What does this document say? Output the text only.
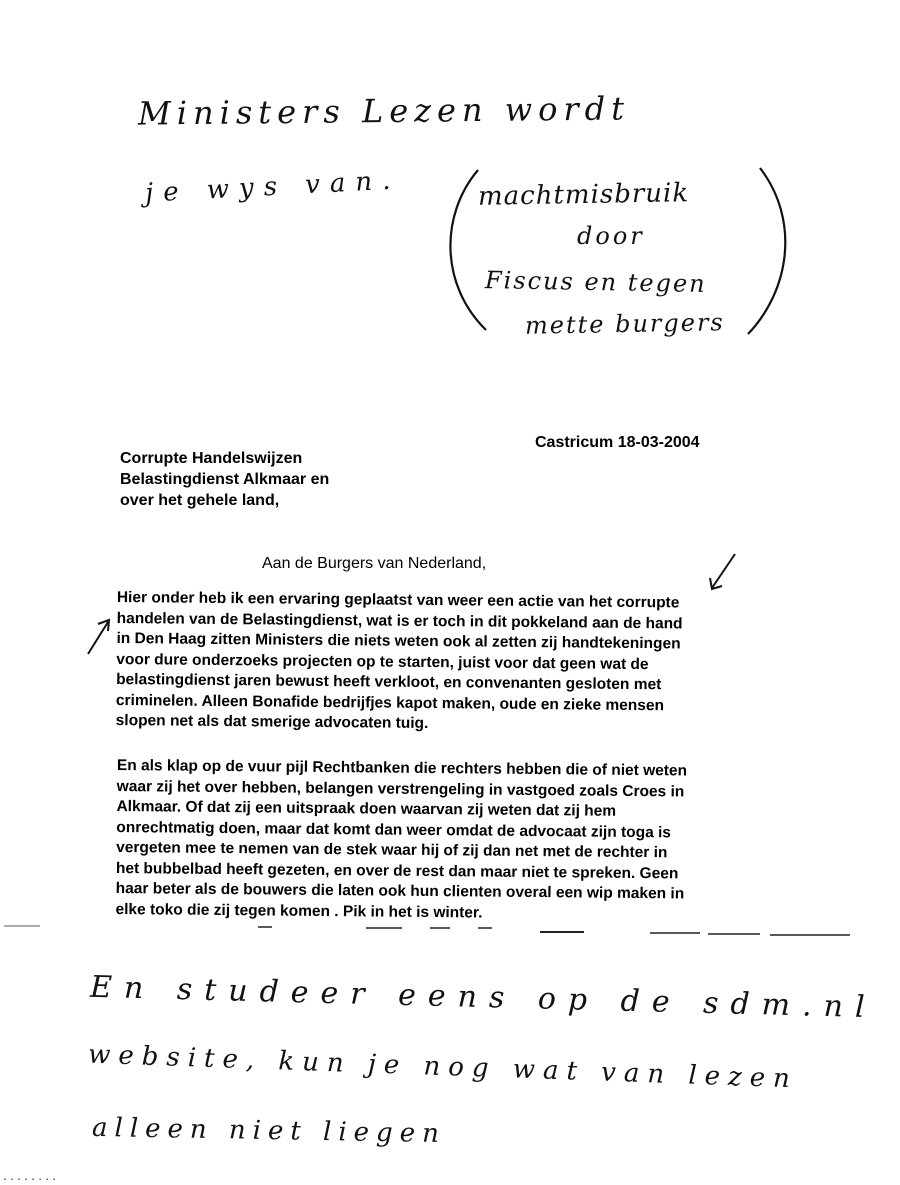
Ministers Lezen wordt
je wys van.	machtmisbruik
door
Fiscus en tegen
mette burgers
Castricum 18-03-2004
Corrupte Handelswijzen
Belastingdienst Alkmaar en
over het gehele land,
Aan de Burgers van Nederland,
Hier onder heb ik een ervaring geplaatst van weer een actie van het corrupte
handelen van de Belastingdienst, wat is er toch in dit pokkeland aan de hand
in Den Haag zitten Ministers die niets weten ook al zetten zij handtekeningen
voor dure onderzoeks projecten op te starten, juist voor dat geen wat de
belastingdienst jaren bewust heeft verkloot, en convenanten gesloten met
criminelen. Alleen Bonafide bedrijfjes kapot maken, oude en zieke mensen
slopen net als dat smerige advocaten tuig.
En als klap op de vuur pijl Rechtbanken die rechters hebben die of niet weten
waar zij het over hebben, belangen verstrengeling in vastgoed zoals Croes in
Alkmaar. Of dat zij een uitspraak doen waarvan zij weten dat zij hem
onrechtmatig doen, maar dat komt dan weer omdat de advocaat zijn toga is
vergeten mee te nemen van de stek waar hij of zij dan net met de rechter in
het bubbelbad heeft gezeten, en over de rest dan maar niet te spreken. Geen
haar beter als de bouwers die laten ook hun clienten overal een wip maken in
elke toko die zij tegen komen . Pik in het is winter.
En studeer eens op de sdm.nl
website, kun je nog wat van lezen
alleen niet liegen
........
